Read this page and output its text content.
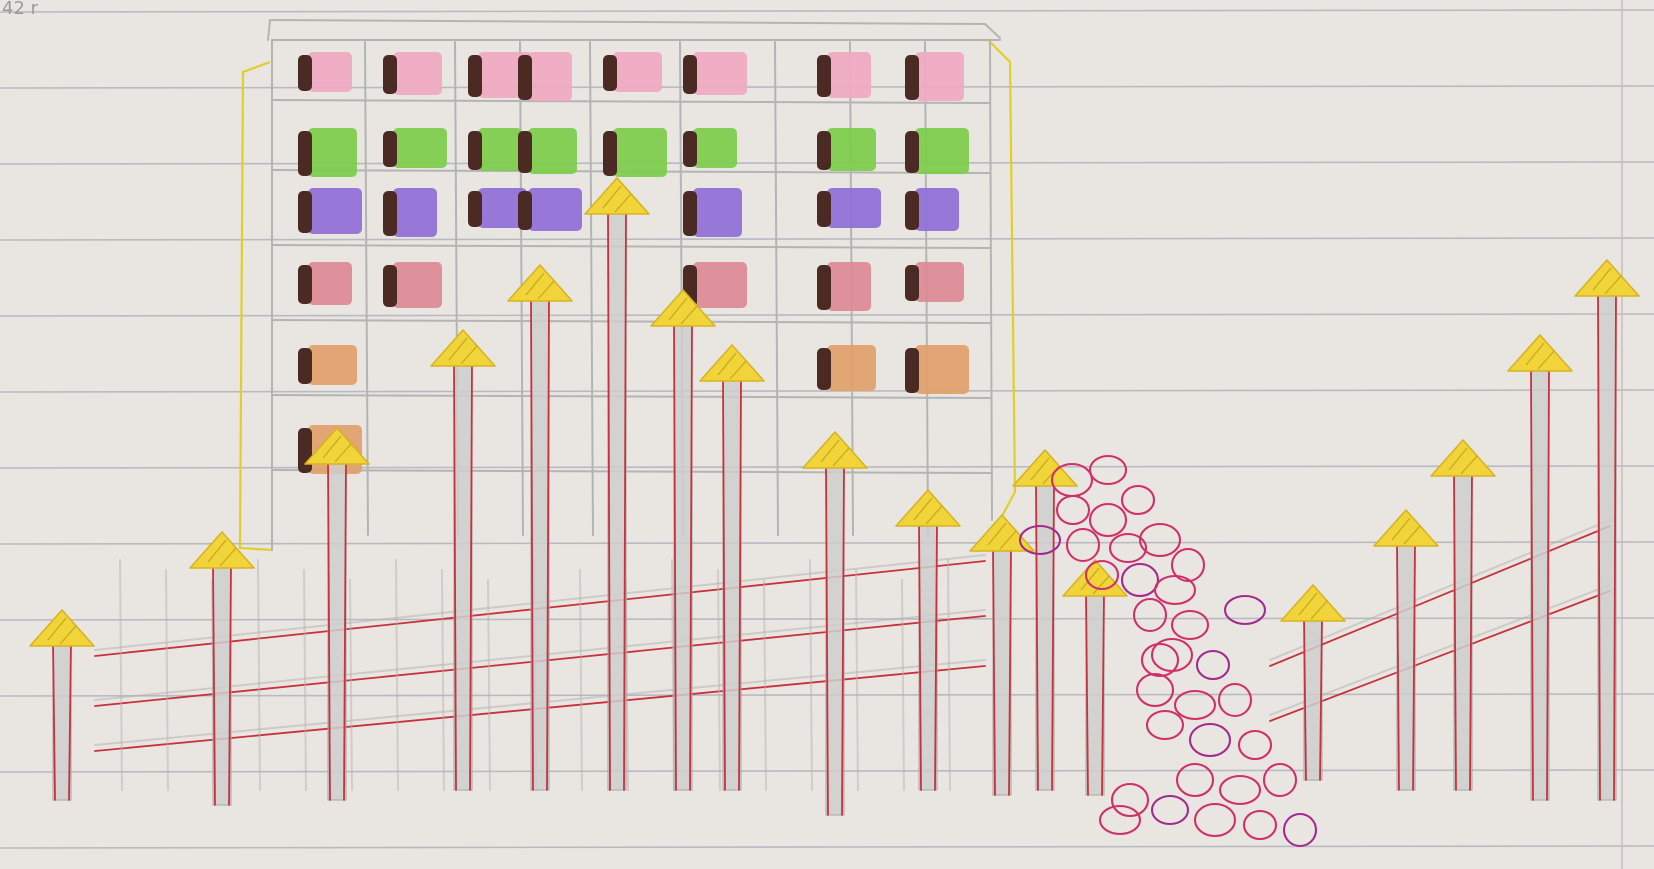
42 r
